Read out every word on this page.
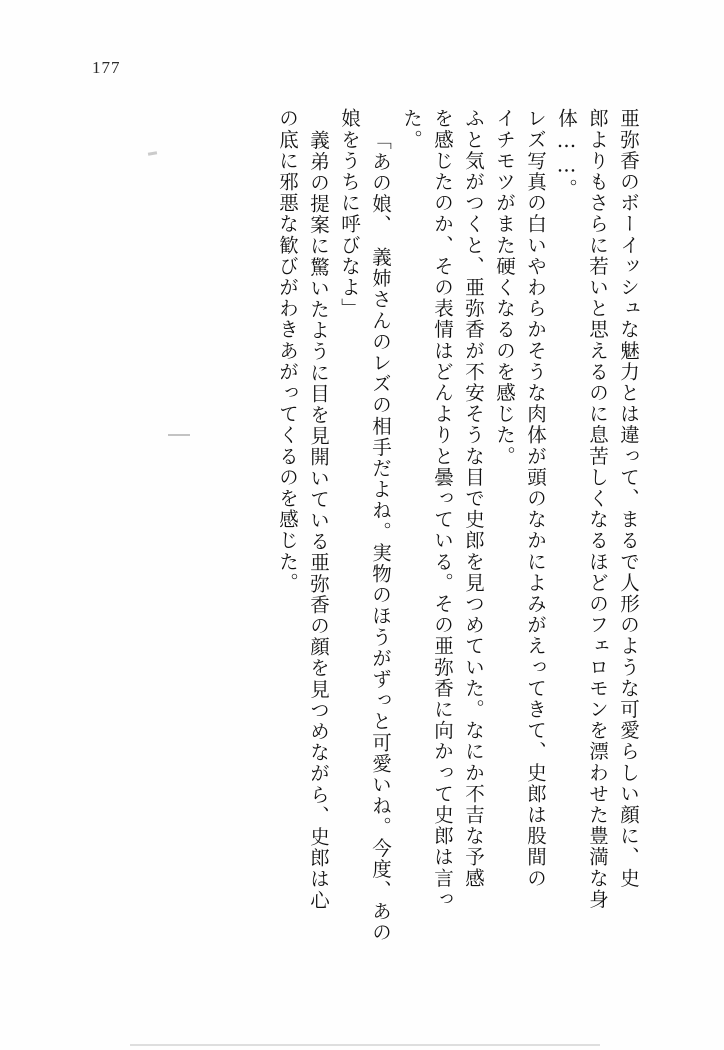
177
亜弥香のボーイッシュな魅力とは違って、まるで人形のような可愛らしい顔に、史
郎よりもさらに若いと思えるのに息苦しくなるほどのフェロモンを漂わせた豊満な身
体……。
レズ写真の白いやわらかそうな肉体が頭のなかによみがえってきて、史郎は股間の
イチモツがまた硬くなるのを感じた。
ふと気がつくと、亜弥香が不安そうな目で史郎を見つめていた。なにか不吉な予感
を感じたのか、その表情はどんよりと曇っている。その亜弥香に向かって史郎は言っ
た。
「あの娘、　義姉さんのレズの相手だよね。実物のほうがずっと可愛いね。今度、あの
娘をうちに呼びなよ」
義弟の提案に驚いたように目を見開いている亜弥香の顔を見つめながら、史郎は心
の底に邪悪な歓びがわきあがってくるのを感じた。
